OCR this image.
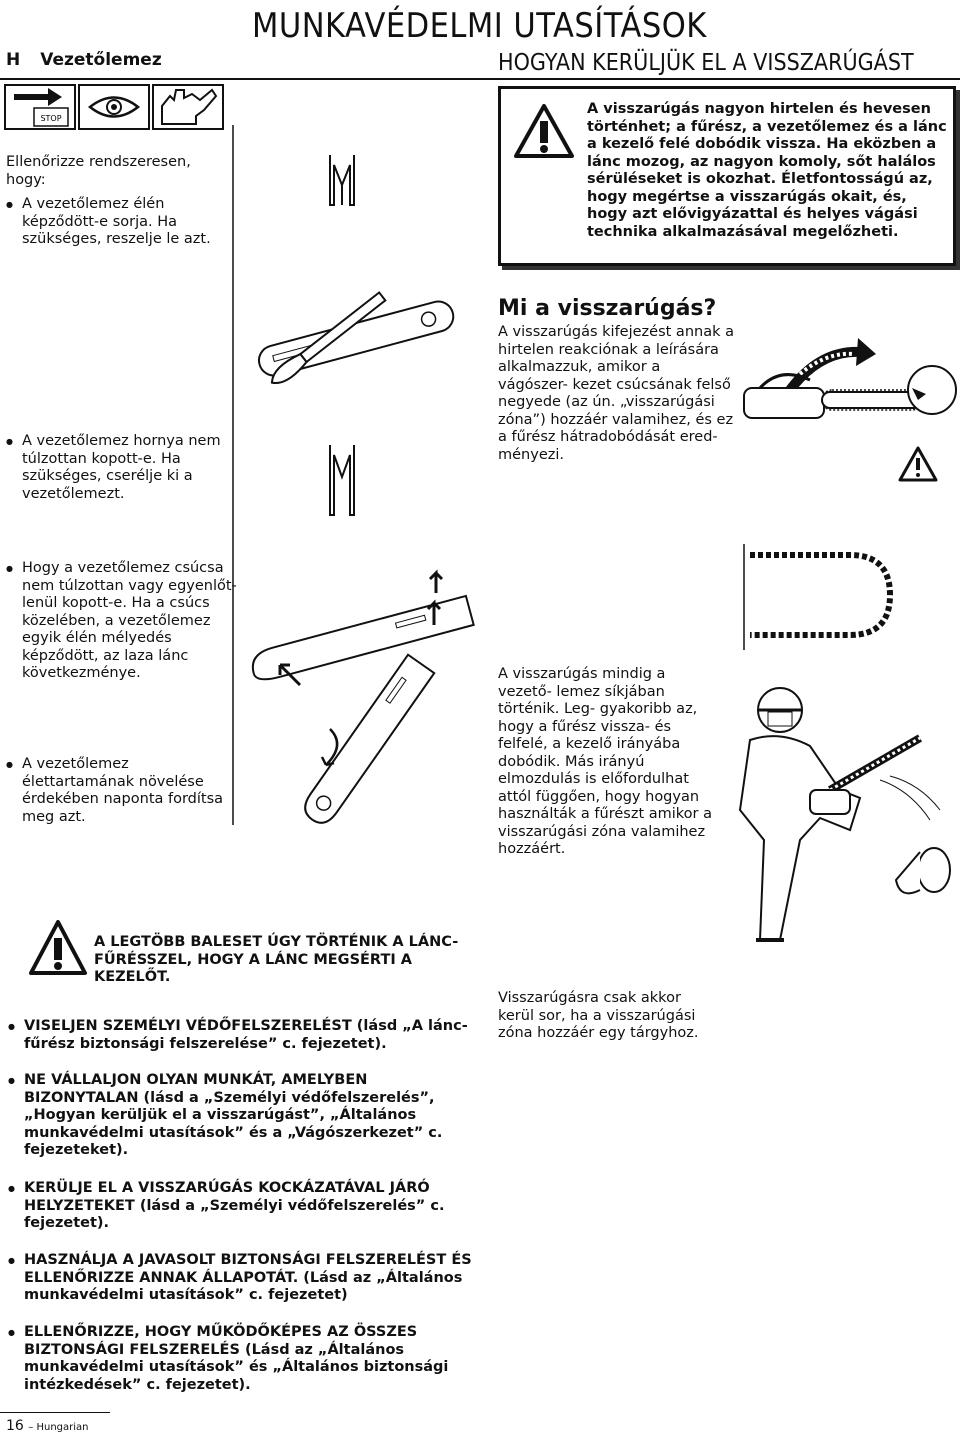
MUNKAVÉDELMI UTASÍTÁSOK
H Vezetőlemez	HOGYAN KERÜLJÜK EL A VISSZARÚGÁST
STOP
Ellenőrizze rendszeresen, hogy:
● A vezetőlemez élén képződött-e sorja. Ha szükséges, reszelje le azt.
● A vezetőlemez hornya nem túlzottan kopott-e. Ha szükséges, cserélje ki a vezetőlemezt.
● Hogy a vezetőlemez csúcsa nem túlzottan vagy egyenlőt- lenül kopott-e. Ha a csúcs közelében, a vezetőlemez egyik élén mélyedés képződött, az laza lánc következménye.
● A vezetőlemez élettartamának növelése érdekében naponta fordítsa meg azt.
A visszarúgás nagyon hirtelen és hevesen történhet; a fűrész, a vezetőlemez és a lánc a kezelő felé dobódik vissza. Ha eközben a lánc mozog, az nagyon komoly, sőt halálos sérüléseket is okozhat. Életfontosságú az, hogy megértse a visszarúgás okait, és, hogy azt elővigyázattal és helyes vágási technika alkalmazásával megelőzheti.
Mi a visszarúgás?
A visszarúgás kifejezést annak a hirtelen reakciónak a leírására alkalmazzuk, amikor a vágószer- kezet csúcsának felső negyede (az ún. „visszarúgási zóna”) hozzáér valamihez, és ez a fűrész hátradobódását ered- ményezi.
A visszarúgás mindig a vezető- lemez síkjában történik. Leg- gyakoribb az, hogy a fűrész vissza- és felfelé, a kezelő irányába dobódik. Más irányú elmozdulás is előfordulhat attól függően, hogy hogyan használták a fűrészt amikor a visszarúgási zóna valamihez hozzáért.
Visszarúgásra csak akkor kerül sor, ha a visszarúgási zóna hozzáér egy tárgyhoz.
A LEGTÖBB BALESET ÚGY TÖRTÉNIK A LÁNC- FŰRÉSSZEL, HOGY A LÁNC MEGSÉRTI A KEZELŐT.
● VISELJEN SZEMÉLYI VÉDŐFELSZERELÉST (lásd „A lánc- fűrész biztonsági felszerelése” c. fejezetet).
● NE VÁLLALJON OLYAN MUNKÁT, AMELYBEN BIZONYTALAN (lásd a „Személyi védőfelszerelés”, „Hogyan kerüljük el a visszarúgást”, „Általános munkavédelmi utasítások” és a „Vágószerkezet” c. fejezeteket).
● KERÜLJE EL A VISSZARÚGÁS KOCKÁZATÁVAL JÁRÓ HELYZETEKET (lásd a „Személyi védőfelszerelés” c. fejezetet).
● HASZNÁLJA A JAVASOLT BIZTONSÁGI FELSZERELÉST ÉS ELLENŐRIZZE ANNAK ÁLLAPOTÁT. (Lásd az „Általános munkavédelmi utasítások” c. fejezetet)
● ELLENŐRIZZE, HOGY MŰKÖDŐKÉPES AZ ÖSSZES BIZTONSÁGI FELSZERELÉS (Lásd az „Általános munkavédelmi utasítások” és „Általános biztonsági intézkedések” c. fejezetet).
16 – Hungarian
